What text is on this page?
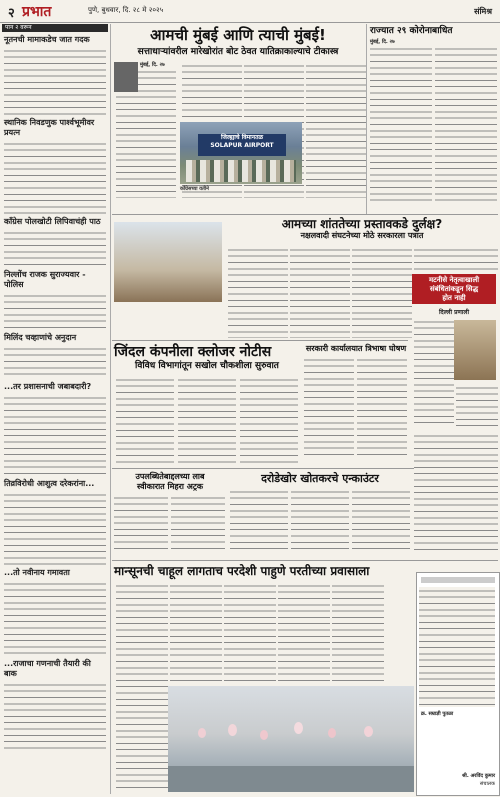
२ प्रभात	पुणे, बुधवार, दि. २८ मे २०२५	संमिश्र
पान २ वरून
नूतनची मामाकडेच जात गदक
स्थानिक निवडणुक पार्श्वभूमीवर प्रयत्न
कॉंग्रेस पोलखोटी लिपिवाचंही पाठ
निल्लोंच राजक सुराज्यवार - पोलिस
मिलिंद चव्हाणांचे अनुदान
...तर प्रशासनाची जबाबदारी?
तिव्रविरोधी आशुत्व दरेकरांना...
...तो नवीनाय गमावता
...राजाचा गणनाची तैयारी की बाक
आमची मुंबई आणि त्याची मुंबई!
सत्ताधाऱ्यांवरील मारेखोरांत बोट ठेवत यातिक्राकाल्याचे टीकास्त्र
मुंबई, दि. २७
जिल्ह्याचे विमानतळ
SOLAPUR AIRPORT
काँग्रेसच्या वतीने
राज्यात २९ कोरोनाबाधित
मुंबई, दि. २७
आमच्या शांततेच्या प्रस्तावकडे दुर्लक्ष?
नक्षलवादी संघटनेच्या मोठे सरकारला पत्रात
मटनीसे नेतृत्वाखाली संबंधितांकडून सिद्ध
होत नाही
दिल्ली प्रणाली
जिंदल कंपनीला क्लोजर नोटीस
विविध विभागांतून सखोल चौकशीला सुरुवात
सरकारी कार्यालयात त्रिभाषा घोषण
उपलब्धितेबाद्दलच्या लाब
स्वीकारात मिहरा अट्रक
दरोडेखोर खोतकरचे एन्काउंटर
मान्सूनची चाहूल लागताच परदेशी पाहुणे परतीच्या प्रवासाला
क्र. सम्राज्ञी पुतळा
श्री. अरविंद कुमार
संचालक
